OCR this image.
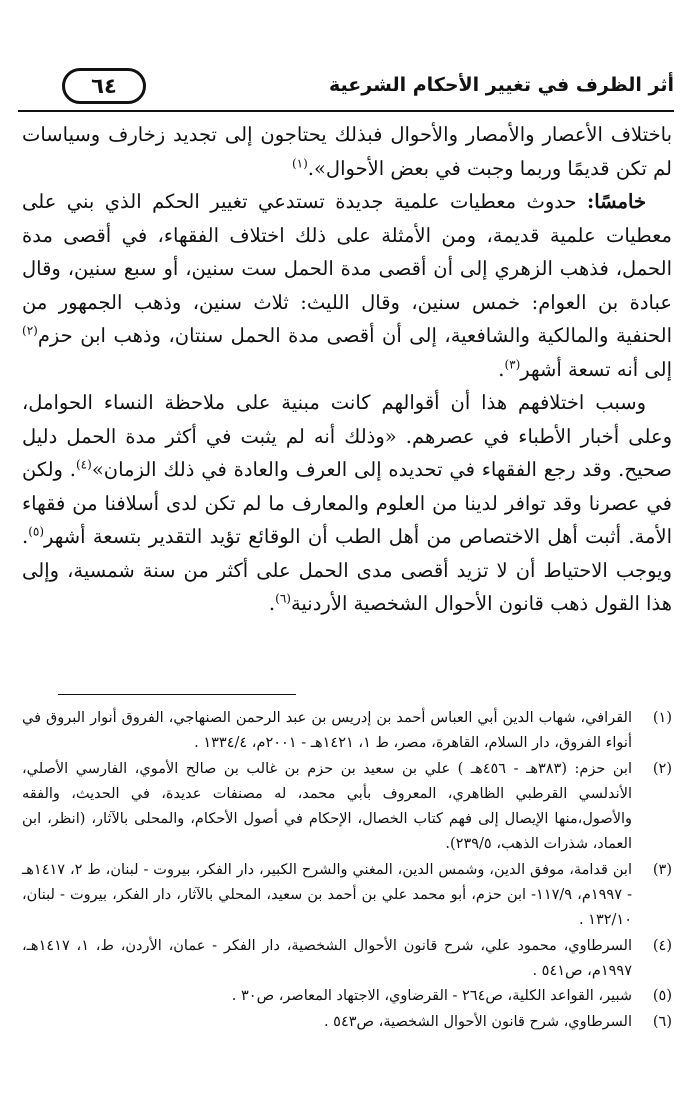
أثر الظرف في تغيير الأحكام الشرعية
٦٤

باختلاف الأعصار والأمصار والأحوال فبذلك يحتاجون إلى تجديد زخارف وسياسات لم تكن قديمًا وربما وجبت في بعض الأحوال».$^{(١)}$

خامسًا: حدوث معطيات علمية جديدة تستدعي تغيير الحكم الذي بني على معطيات علمية قديمة، ومن الأمثلة على ذلك اختلاف الفقهاء، في أقصى مدة الحمل، فذهب الزهري إلى أن أقصى مدة الحمل ست سنين، أو سبع سنين، وقال عبادة بن العوام: خمس سنين، وقال الليث: ثلاث سنين، وذهب الجمهور من الحنفية والمالكية والشافعية، إلى أن أقصى مدة الحمل سنتان، وذهب ابن حزم$^{(٢)}$ إلى أنه تسعة أشهر$^{(٣)}$.

وسبب اختلافهم هذا أن أقوالهم كانت مبنية على ملاحظة النساء الحوامل، وعلى أخبار الأطباء في عصرهم. «وذلك أنه لم يثبت في أكثر مدة الحمل دليل صحيح. وقد رجع الفقهاء في تحديده إلى العرف والعادة في ذلك الزمان»$^{(٤)}$. ولكن في عصرنا وقد توافر لدينا من العلوم والمعارف ما لم تكن لدى أسلافنا من فقهاء الأمة. أثبت أهل الاختصاص من أهل الطب أن الوقائع تؤيد التقدير بتسعة أشهر$^{(٥)}$. ويوجب الاحتياط أن لا تزيد أقصى مدى الحمل على أكثر من سنة شمسية، وإلى هذا القول ذهب قانون الأحوال الشخصية الأردنية$^{(٦)}$.

(١)
القرافي، شهاب الدين أبي العباس أحمد بن إدريس بن عبد الرحمن الصنهاجي، الفروق أنوار البروق في أنواء الفروق، دار السلام، القاهرة، مصر، ط ١، ١٤٢١هـ - ٢٠٠١م، ١٣٣٤/٤ .
(٢)
ابن حزم: (٣٨٣هـ - ٤٥٦هـ ) علي بن سعيد بن حزم بن غالب بن صالح الأموي، الفارسي الأصلي، الأندلسي القرطبي الظاهري، المعروف بأبي محمد، له مصنفات عديدة، في الحديث، والفقه والأصول،منها الإيصال إلى فهم كتاب الخصال، الإحكام في أصول الأحكام، والمحلى بالآثار، (انظر، ابن العماد، شذرات الذهب، ٢٣٩/٥).
(٣)
ابن قدامة، موفق الدين، وشمس الدين، المغني والشرح الكبير، دار الفكر، بيروت - لبنان، ط ٢، ١٤١٧هـ - ١٩٩٧م، ١١٧/٩- ابن حزم، أبو محمد علي بن أحمد بن سعيد، المحلي بالآثار، دار الفكر، بيروت - لبنان، ١٣٢/١٠ .
(٤)
السرطاوي، محمود علي، شرح قانون الأحوال الشخصية، دار الفكر - عمان، الأردن، ط، ١، ١٤١٧هـ، ١٩٩٧م، ص٥٤١ .
(٥)
شبير، القواعد الكلية، ص٢٦٤ - القرضاوي، الاجتهاد المعاصر، ص٣٠ .
(٦)
السرطاوي، شرح قانون الأحوال الشخصية، ص٥٤٣ .
